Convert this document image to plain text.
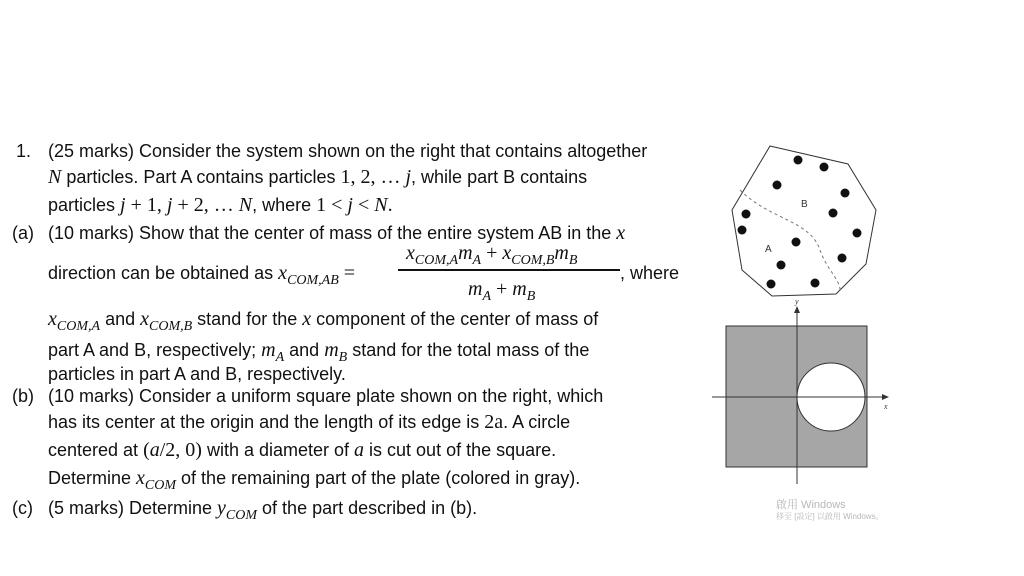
1. (25 marks) Consider the system shown on the right that contains altogether
N particles. Part A contains particles 1, 2, … j, while part B contains
particles j + 1, j + 2, … N, where 1 < j < N.
(a) (10 marks) Show that the center of mass of the entire system AB in the x
direction can be obtained as $x_{COM,AB}$ =
$x_{COM,A}m_A + x_{COM,B}m_B$
$m_A + m_B$
, where
$x_{COM,A}$ and $x_{COM,B}$ stand for the x component of the center of mass of
part A and B, respectively; $m_A$ and $m_B$ stand for the total mass of the
particles in part A and B, respectively.
(b) (10 marks) Consider a uniform square plate shown on the right, which
has its center at the origin and the length of its edge is 2a. A circle
centered at (a/2, 0) with a diameter of a is cut out of the square.
Determine $x_{COM}$ of the remaining part of the plate (colored in gray).
(c) (5 marks) Determine $y_{COM}$ of the part described in (b).
B
A
y
x
啟用 Windows
移至 [設定] 以啟用 Windows。
